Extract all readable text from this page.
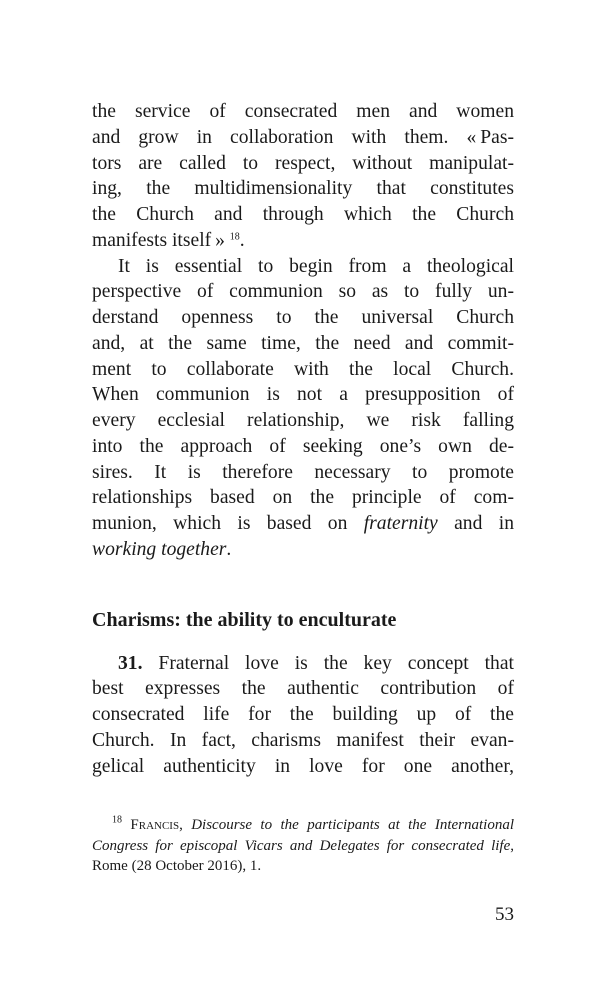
the service of consecrated men and women
and grow in collaboration with them. « Pas-
tors are called to respect, without manipulat-
ing, the multidimensionality that constitutes
the Church and through which the Church
manifests itself » $^{18}$.
It is essential to begin from a theological
perspective of communion so as to fully un-
derstand openness to the universal Church
and, at the same time, the need and commit-
ment to collaborate with the local Church.
When communion is not a presupposition of
every ecclesial relationship, we risk falling
into the approach of seeking one’s own de-
sires. It is therefore necessary to promote
relationships based on the principle of com-
munion, which is based on fraternity and in
working together.
Charisms: the ability to enculturate
31. Fraternal love is the key concept that
best expresses the authentic contribution of
consecrated life for the building up of the
Church. In fact, charisms manifest their evan-
gelical authenticity in love for one another,
$^{18}$ Francis, Discourse to the participants at the International
Congress for episcopal Vicars and Delegates for consecrated life,
Rome (28 October 2016), 1.
53
